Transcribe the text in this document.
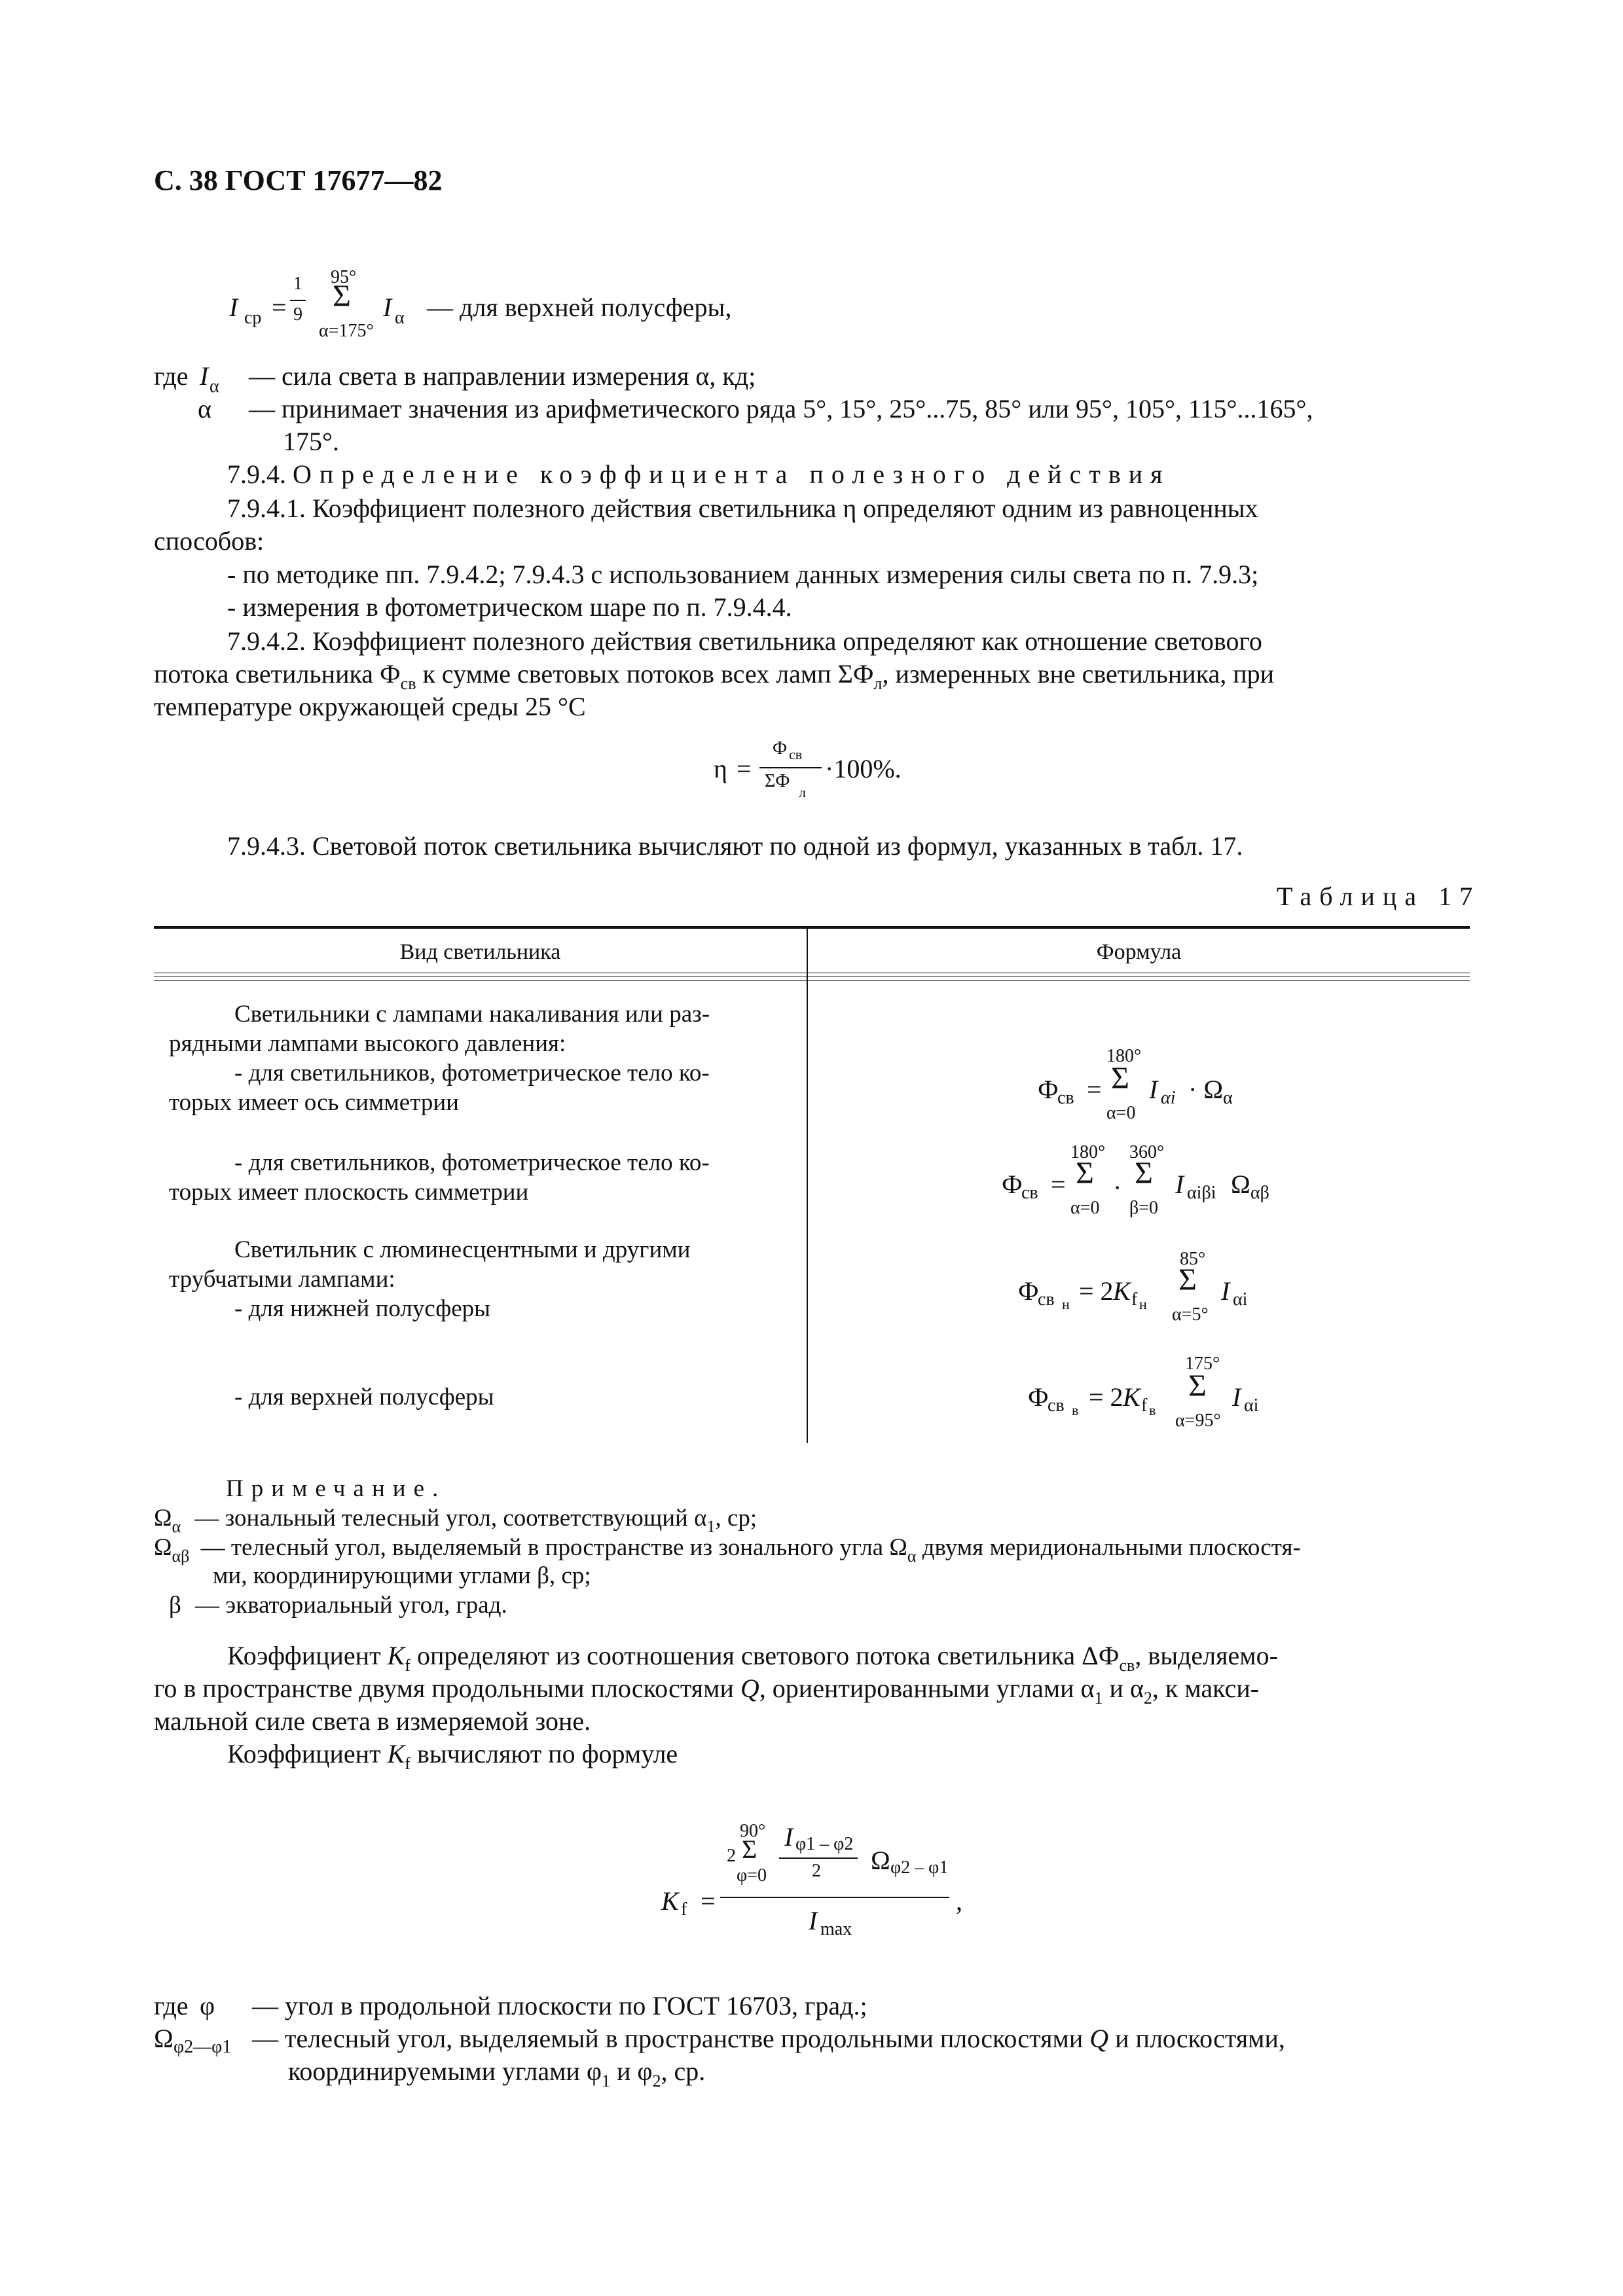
С. 38 ГОСТ 17677—82
I ср =
1
9
95°
Σ
α=175°
I α — для верхней полусферы,
где I α — сила света в направлении измерения α, кд;
α — принимает значения из арифметического ряда 5°, 15°, 25°...75, 85° или 95°, 105°, 115°...165°,
175°.
7.9.4. Определение коэффициента полезного действия
7.9.4.1. Коэффициент полезного действия светильника η определяют одним из равноценных
способов:
- по методике пп. 7.9.4.2; 7.9.4.3 с использованием данных измерения силы света по п. 7.9.3;
- измерения в фотометрическом шаре по п. 7.9.4.4.
7.9.4.2. Коэффициент полезного действия светильника определяют как отношение светового
потока светильника $Ф_{св}$ к сумме световых потоков всех ламп $\Sigma Ф_л$, измеренных вне светильника, при
температуре окружающей среды 25 °С
η =
Ф св
ΣФ
л
·100%.
7.9.4.3. Световой поток светильника вычисляют по одной из формул, указанных в табл. 17.
Таблица 17
Вид светильника	Формула
Светильники с лампами накаливания или раз-
рядными лампами высокого давления:
- для светильников, фотометрическое тело ко-
торых имеет ось симметрии
- для светильников, фотометрическое тело ко-
торых имеет плоскость симметрии
Светильник с люминесцентными и другими
трубчатыми лампами:
- для нижней полусферы
- для верхней полусферы
Ф
св =
180°
Σ
α=0
I αi · Ω α
Ф
св =
180°
Σ
α=0
·
360°
Σ
β=0
I αiβi Ω αβ
Ф
св н = 2 K f н
85°
Σ
α=5°
I αi
Ф
св в = 2 K f в
175°
Σ
α=95°
I αi
Примечание.
$\Omega_\alpha$ — зональный телесный угол, соответствующий $\alpha_1$, ср;
$\Omega_{\alpha\beta}$ — телесный угол, выделяемый в пространстве из зонального угла $\Omega_\alpha$ двумя меридиональными плоскостя-
ми, координирующими углами β, ср;
β — экваториальный угол, град.
Коэффициент $K_f$ определяют из соотношения светового потока светильника $\Delta Ф_{св}$, выделяемо-
го в пространстве двумя продольными плоскостями Q, ориентированными углами $\alpha_1$ и $\alpha_2$, к макси-
мальной силе света в измеряемой зоне.
Коэффициент $K_f$ вычисляют по формуле
K f =
2
90°
Σ
φ=0
I φ1 – φ2
2 Ω φ2 – φ1
I max
,
где φ — угол в продольной плоскости по ГОСТ 16703, град.;
Ω φ2—φ1 — телесный угол, выделяемый в пространстве продольными плоскостями Q и плоскостями,
координируемыми углами $\varphi_1$ и $\varphi_2$, ср.
